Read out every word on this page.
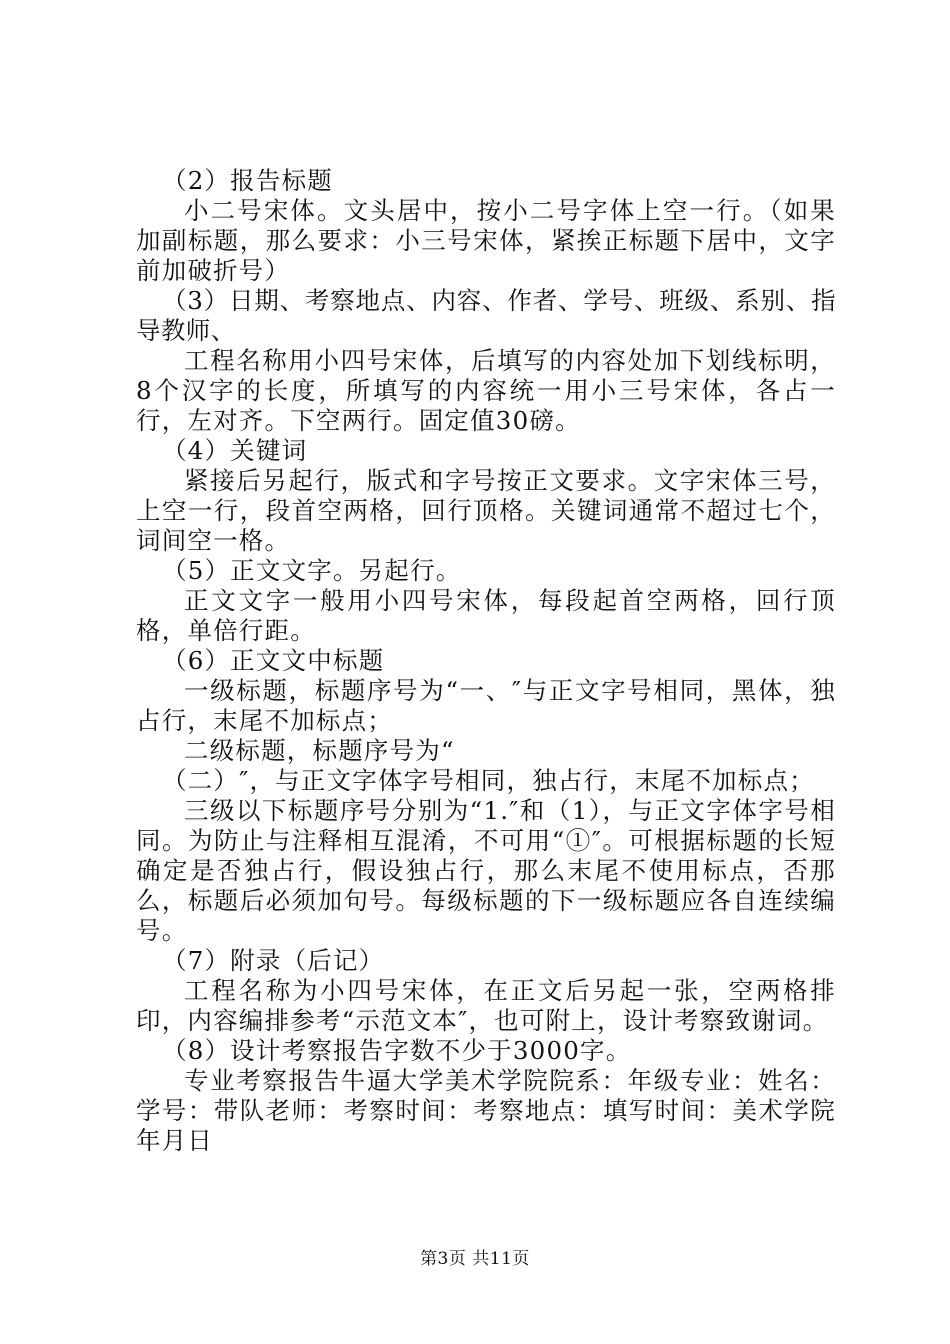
（2）报告标题

小二号宋体。文头居中，按小二号字体上空一行。（如果加副标题，那么要求：小三号宋体，紧挨正标题下居中，文字前加破折号）

（3）日期、考察地点、内容、作者、学号、班级、系别、指导教师、

工程名称用小四号宋体，后填写的内容处加下划线标明，8个汉字的长度，所填写的内容统一用小三号宋体，各占一行，左对齐。下空两行。固定值30磅。

（4）关键词

紧接后另起行，版式和字号按正文要求。文字宋体三号，上空一行，段首空两格，回行顶格。关键词通常不超过七个，词间空一格。

（5）正文文字。另起行。

正文文字一般用小四号宋体，每段起首空两格，回行顶格，单倍行距。

（6）正文文中标题

一级标题，标题序号为“一、″与正文字号相同，黑体，独占行，末尾不加标点；

二级标题，标题序号为“

（二）″，与正文字体字号相同，独占行，末尾不加标点；

三级以下标题序号分别为“1.″和（1），与正文字体字号相同。为防止与注释相互混淆，不可用“①″。可根据标题的长短确定是否独占行，假设独占行，那么末尾不使用标点，否那么，标题后必须加句号。每级标题的下一级标题应各自连续编号。

（7）附录（后记）

工程名称为小四号宋体，在正文后另起一张，空两格排印，内容编排参考“示范文本″，也可附上，设计考察致谢词。

（8）设计考察报告字数不少于3000字。

专业考察报告牛逼大学美术学院院系：年级专业：姓名：学号：带队老师：考察时间：考察地点：填写时间：美术学院年月日

第3页 共11页
